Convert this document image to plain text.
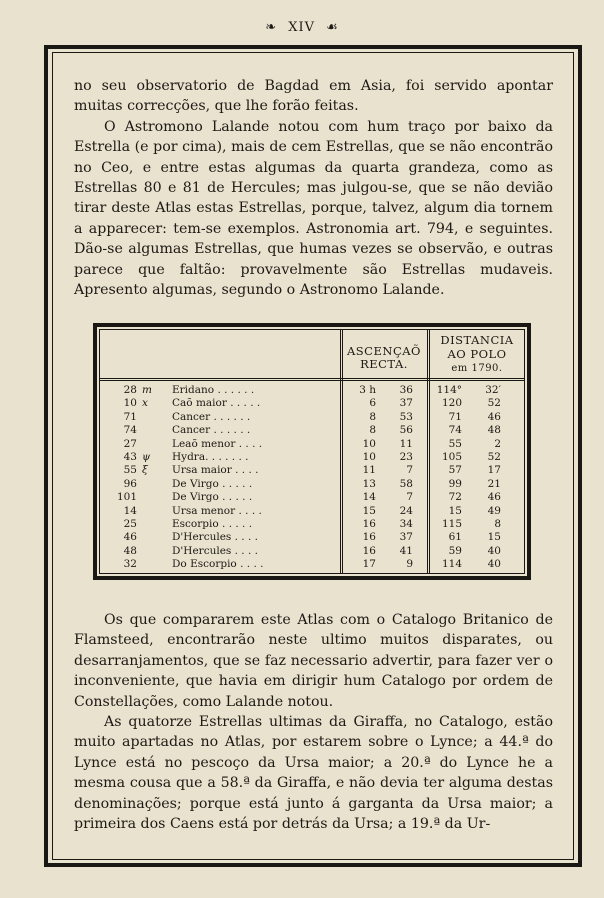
❧ XIV ☙

no seu observatorio de Bagdad em Asia, foi servido apontar muitas correcções, que lhe forão feitas.

O Astromono Lalande notou com hum traço por baixo da Estrella (e por cima), mais de cem Estrellas, que se não encontrão no Ceo, e entre estas algumas da quarta grandeza, como as Estrellas 80 e 81 de Hercules; mas julgou-se, que se não devião tirar deste Atlas estas Estrellas, porque, talvez, algum dia tornem a apparecer: tem-se exemplos. Astronomia art. 794, e seguintes. Dão-se algumas Estrellas, que humas vezes se observão, e outras parece que faltão: provavelmente são Estrellas mudaveis. Apresento algumas, segundo o Astronomo Lalande.

ASCENÇAÕ
RECTA.
DISTANCIA
AO POLO
em 1790.
28 m Eridano . . . . . .	3 h	36	114°	32′
10 x	Caõ maior . . . . .	6	37	120	52
71	Cancer . . . . . .	8	53	71	46
74	Cancer . . . . . .	8	56	74	48
27	Leaõ menor . . . .	10	11	55	2
43 ψ	Hydra. . . . . . .	10	23	105	52
55 ξ	Ursa maior . . . .	11	7	57	17
96	De Virgo . . . . .	13	58	99	21
101	De Virgo . . . . .	14	7	72	46
14	Ursa menor . . . .	15	24	15	49
25	Escorpio . . . . .	16	34	115	8
46	D'Hercules . . . .	16	37	61	15
48	D'Hercules . . . .	16	41	59	40
32	Do Escorpio . . . .	17	9	114	40

Os que compararem este Atlas com o Catalogo Britanico de Flamsteed, encontrarão neste ultimo muitos disparates, ou desarranjamentos, que se faz necessario advertir, para fazer ver o inconveniente, que havia em dirigir hum Catalogo por ordem de Constellações, como Lalande notou.

As quatorze Estrellas ultimas da Giraffa, no Catalogo, estão muito apartadas no Atlas, por estarem sobre o Lynce; a 44.ª do Lynce está no pescoço da Ursa maior; a 20.ª do Lynce he a mesma cousa que a 58.ª da Giraffa, e não devia ter alguma destas denominações; porque está junto á garganta da Ursa maior; a primeira dos Caens está por detrás da Ursa; a 19.ª da Ur-
